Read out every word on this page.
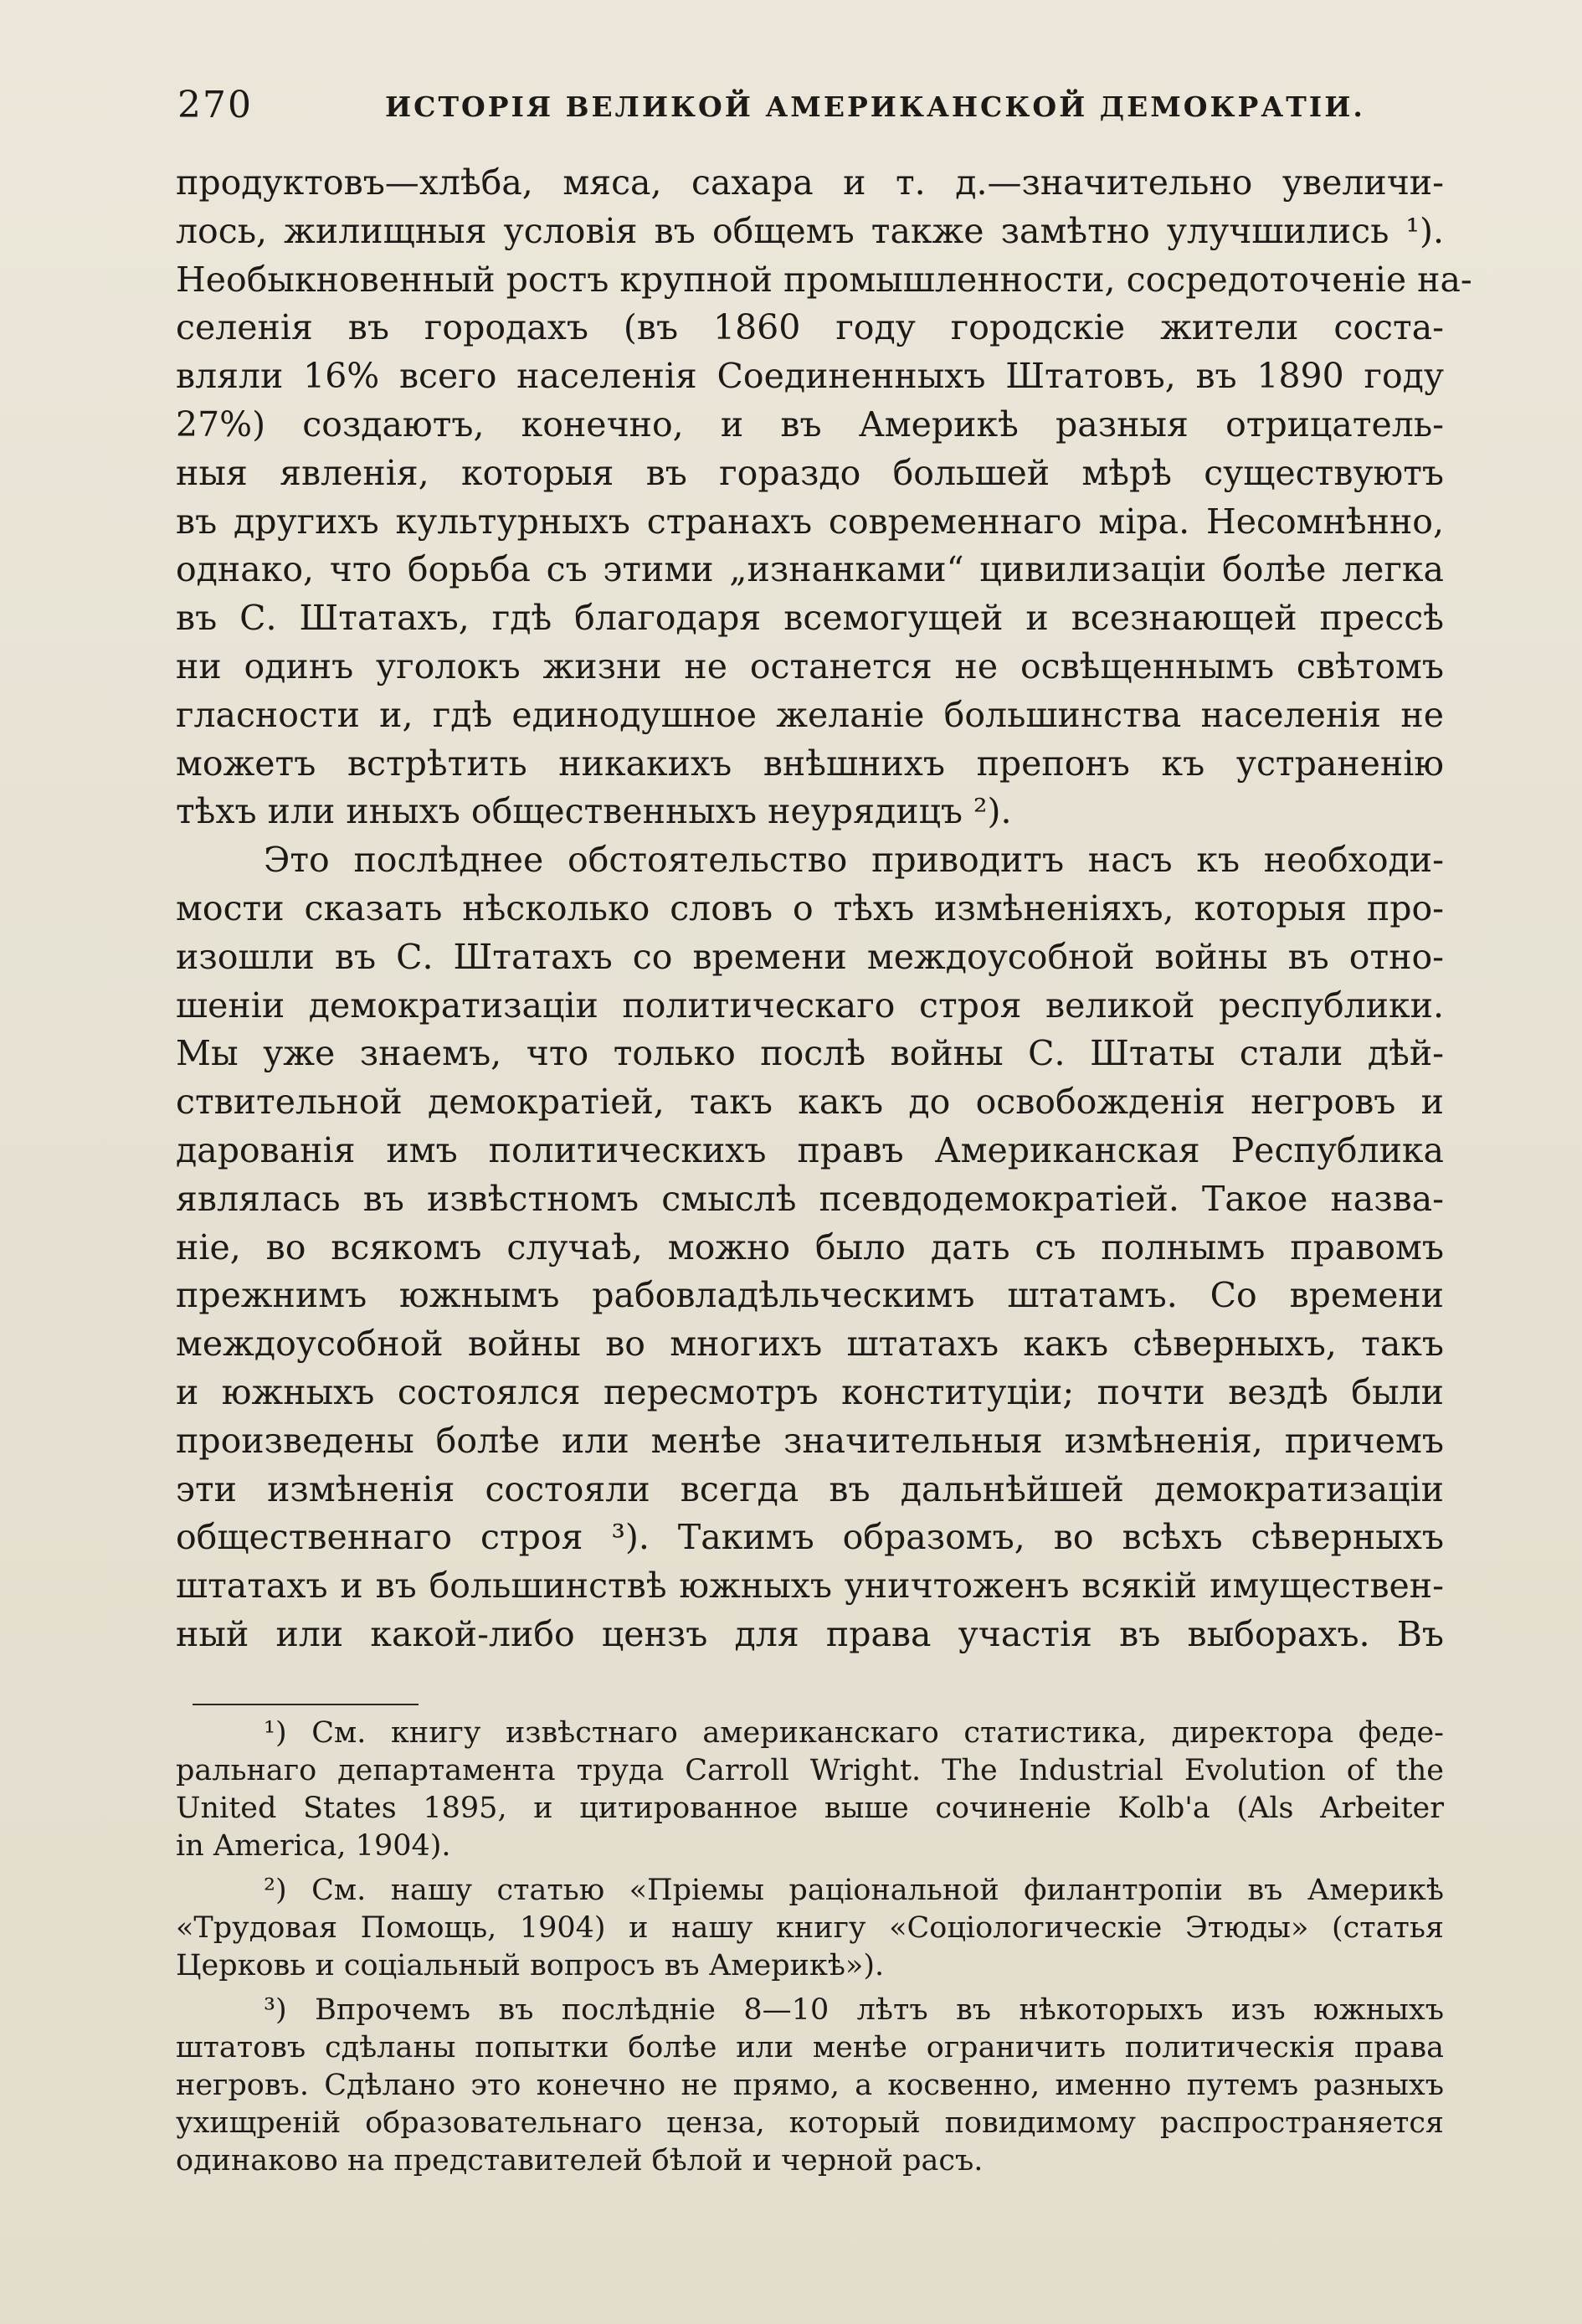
270	ИСТОРІЯ ВЕЛИКОЙ АМЕРИКАНСКОЙ ДЕМОКРАТІИ.
продуктовъ—хлѣба, мяса, сахара и т. д.—значительно увеличи-
лось, жилищныя условія въ общемъ также замѣтно улучшились ¹).
Необыкновенный ростъ крупной промышленности, сосредоточеніе на-
селенія въ городахъ (въ 1860 году городскіе жители соста-
вляли 16% всего населенія Соединенныхъ Штатовъ, въ 1890 году
27%) создаютъ, конечно, и въ Америкѣ разныя отрицатель-
ныя явленія, которыя въ гораздо большей мѣрѣ существуютъ
въ другихъ культурныхъ странахъ современнаго міра. Несомнѣнно,
однако, что борьба съ этими „изнанками“ цивилизаціи болѣе легка
въ С. Штатахъ, гдѣ благодаря всемогущей и всезнающей прессѣ
ни одинъ уголокъ жизни не останется не освѣщеннымъ свѣтомъ
гласности и, гдѣ единодушное желаніе большинства населенія не
можетъ встрѣтить никакихъ внѣшнихъ препонъ къ устраненію
тѣхъ или иныхъ общественныхъ неурядицъ ²).
Это послѣднее обстоятельство приводитъ насъ къ необходи-
мости сказать нѣсколько словъ о тѣхъ измѣненіяхъ, которыя про-
изошли въ С. Штатахъ со времени междоусобной войны въ отно-
шеніи демократизаціи политическаго строя великой республики.
Мы уже знаемъ, что только послѣ войны С. Штаты стали дѣй-
ствительной демократіей, такъ какъ до освобожденія негровъ и
дарованія имъ политическихъ правъ Американская Республика
являлась въ извѣстномъ смыслѣ псевдодемократіей. Такое назва-
ніе, во всякомъ случаѣ, можно было дать съ полнымъ правомъ
прежнимъ южнымъ рабовладѣльческимъ штатамъ. Со времени
междоусобной войны во многихъ штатахъ какъ сѣверныхъ, такъ
и южныхъ состоялся пересмотръ конституціи; почти вездѣ были
произведены болѣе или менѣе значительныя измѣненія, причемъ
эти измѣненія состояли всегда въ дальнѣйшей демократизаціи
общественнаго строя ³). Такимъ образомъ, во всѣхъ сѣверныхъ
штатахъ и въ большинствѣ южныхъ уничтоженъ всякій имуществен-
ный или какой-либо цензъ для права участія въ выборахъ. Въ
¹) См. книгу извѣстнаго американскаго статистика, директора феде-
ральнаго департамента труда Carroll Wright. The Industrial Evolution of the
United States 1895, и цитированное выше сочиненіе Kolb'а (Als Arbeiter
in America, 1904).
²) См. нашу статью «Пріемы раціональной филантропіи въ Америкѣ
«Трудовая Помощь, 1904) и нашу книгу «Соціологическіе Этюды» (статья
Церковь и соціальный вопросъ въ Америкѣ»).
³) Впрочемъ въ послѣдніе 8—10 лѣтъ въ нѣкоторыхъ изъ южныхъ
штатовъ сдѣланы попытки болѣе или менѣе ограничить политическія права
негровъ. Сдѣлано это конечно не прямо, а косвенно, именно путемъ разныхъ
ухищреній образовательнаго ценза, который повидимому распространяется
одинаково на представителей бѣлой и черной расъ.
